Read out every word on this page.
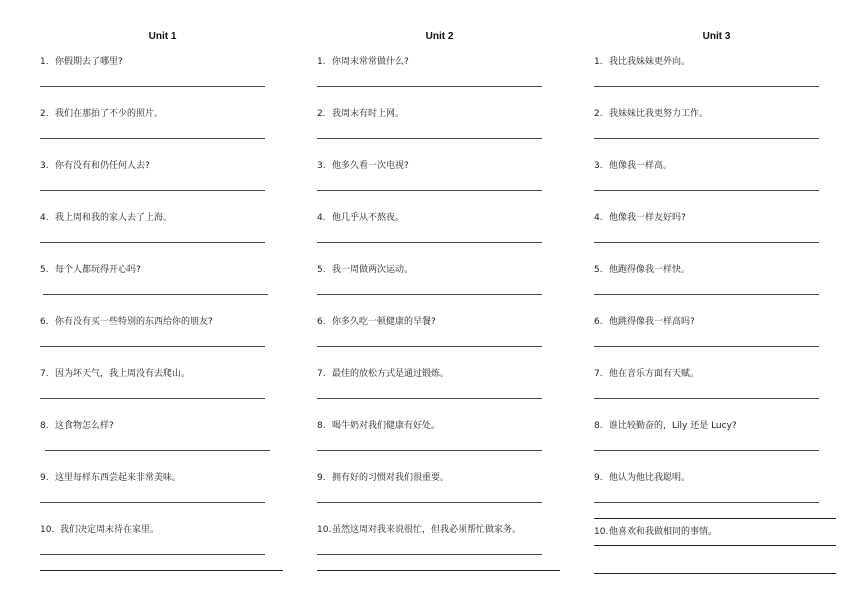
Unit 1
1. 你假期去了哪里?
2. 我们在那拍了不少的照片。
3. 你有没有和仍任何人去?
4. 我上周和我的家人去了上海。
5. 每个人都玩得开心吗?
6. 你有没有买一些特别的东西给你的朋友?
7. 因为坏天气，我上周没有去爬山。
8. 这食物怎么样?
9. 这里每样东西尝起来非常美味。
10. 我们决定周末待在家里。
Unit 2
1. 你周末常常做什么?
2. 我周末有时上网。
3. 他多久看一次电视?
4. 他几乎从不熬夜。
5. 我一周做两次运动。
6. 你多久吃一顿健康的早餐?
7. 最佳的放松方式是通过锻炼。
8. 喝牛奶对我们健康有好处。
9. 拥有好的习惯对我们很重要。
10.虽然这周对我来说很忙，但我必须帮忙做家务。
Unit 3
1. 我比我妹妹更外向。
2. 我妹妹比我更努力工作。
3. 他像我一样高。
4. 他像我一样友好吗?
5. 他跑得像我一样快。
6. 他跳得像我一样高吗?
7. 他在音乐方面有天赋。
8. 谁比较勤奋的，Lily 还是 Lucy?
9. 他认为他比我聪明。
10.他喜欢和我做相同的事情。
